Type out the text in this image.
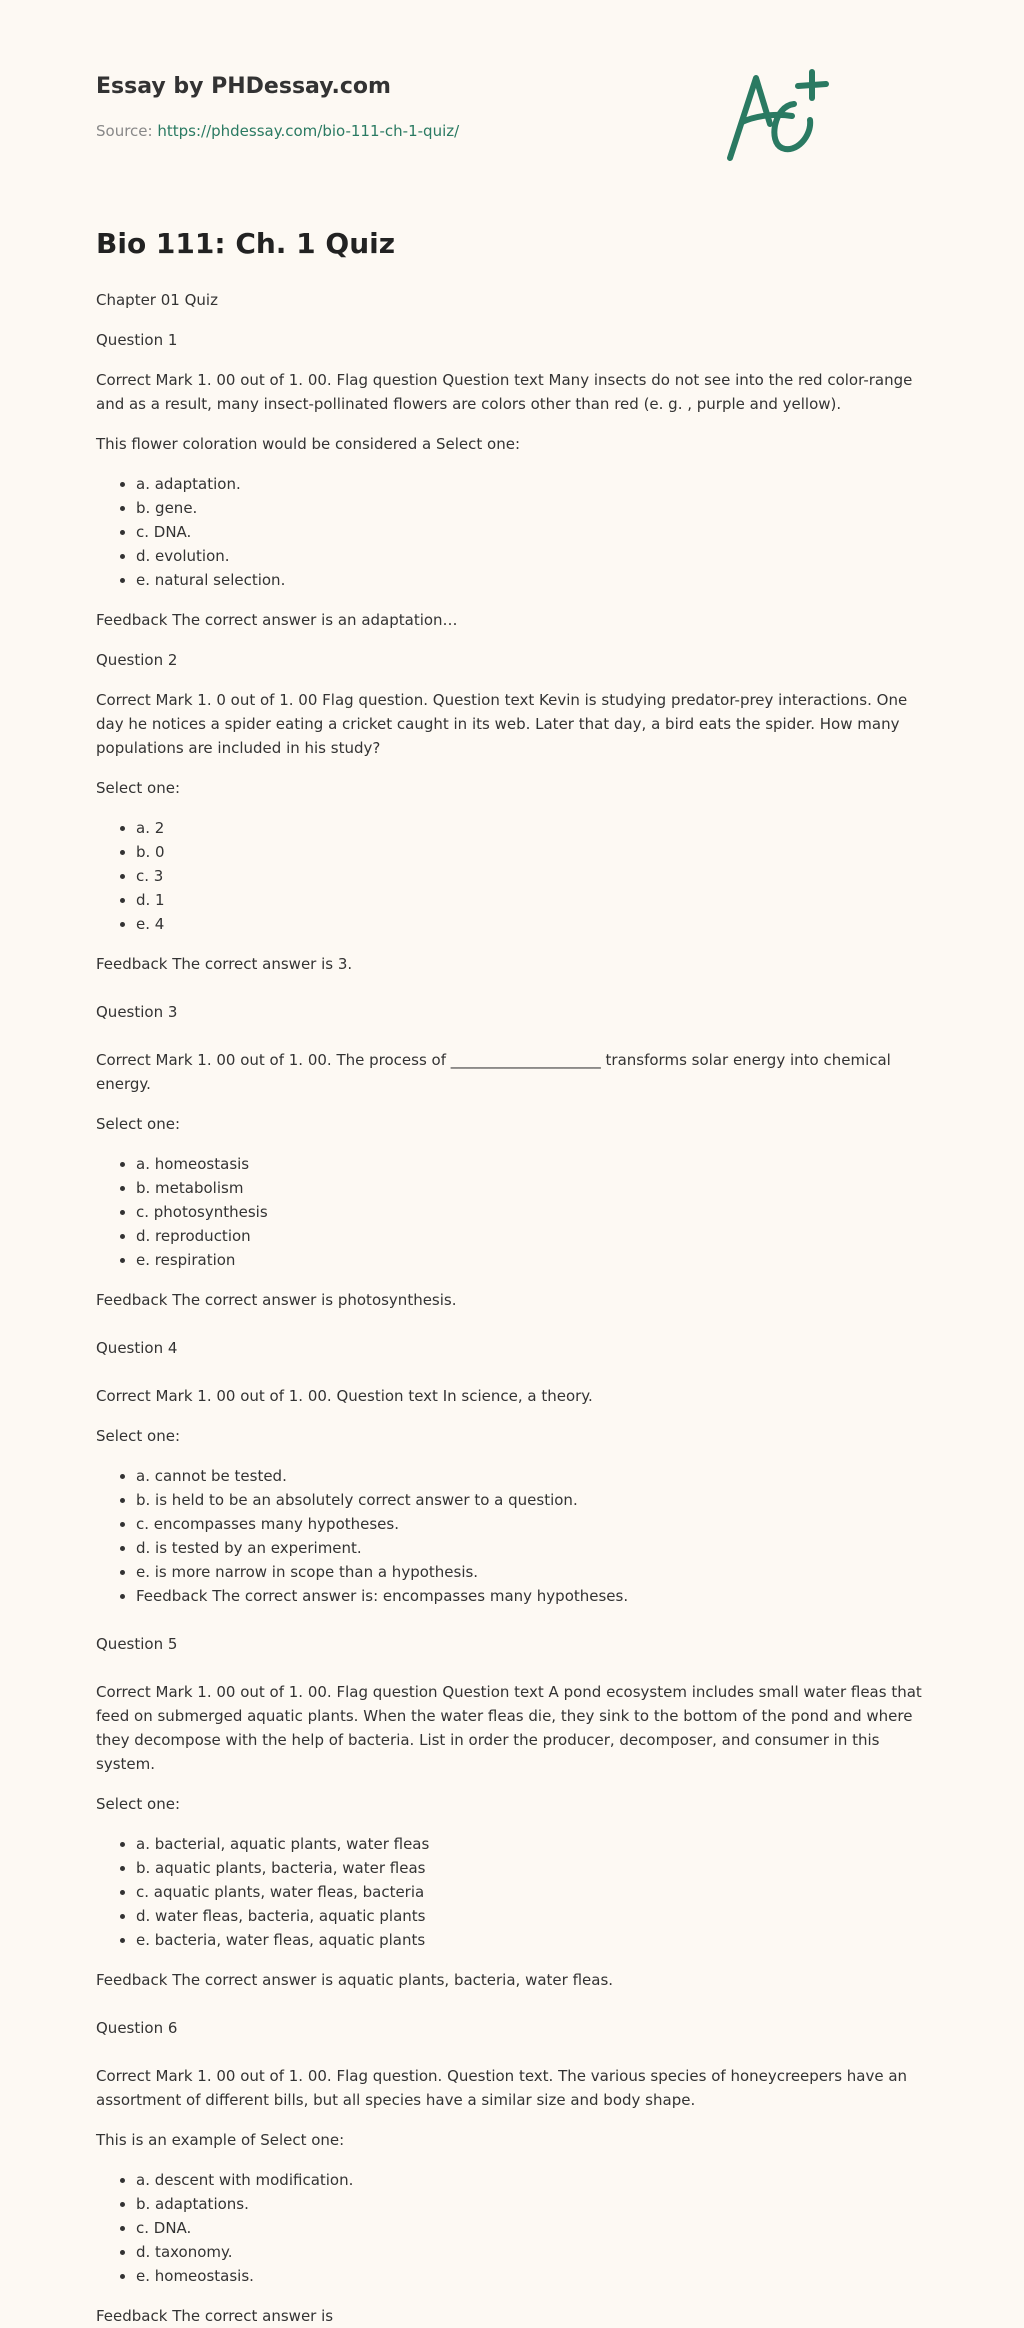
Essay by PHDessay.com
Source: https://phdessay.com/bio-111-ch-1-quiz/
Bio 111: Ch. 1 Quiz

Chapter 01 Quiz

Question 1

Correct Mark 1. 00 out of 1. 00. Flag question Question text Many insects do not see into the red color-range and as a result, many insect-pollinated flowers are colors other than red (e. g. , purple and yellow).

This flower coloration would be considered a Select one:

• a. adaptation.
• b. gene.
• c. DNA.
• d. evolution.
• e. natural selection.

Feedback The correct answer is an adaptation…

Question 2

Correct Mark 1. 0 out of 1. 00 Flag question. Question text Kevin is studying predator-prey interactions. One day he notices a spider eating a cricket caught in its web. Later that day, a bird eats the spider. How many populations are included in his study?

Select one:

• a. 2
• b. 0
• c. 3
• d. 1
• e. 4

Feedback The correct answer is 3.

Question 3

Correct Mark 1. 00 out of 1. 00. The process of ____________________ transforms solar energy into chemical energy.

Select one:

• a. homeostasis
• b. metabolism
• c. photosynthesis
• d. reproduction
• e. respiration

Feedback The correct answer is photosynthesis.

Question 4

Correct Mark 1. 00 out of 1. 00. Question text In science, a theory.

Select one:

• a. cannot be tested.
• b. is held to be an absolutely correct answer to a question.
• c. encompasses many hypotheses.
• d. is tested by an experiment.
• e. is more narrow in scope than a hypothesis.
• Feedback The correct answer is: encompasses many hypotheses.

Question 5

Correct Mark 1. 00 out of 1. 00. Flag question Question text A pond ecosystem includes small water fleas that feed on submerged aquatic plants. When the water fleas die, they sink to the bottom of the pond and where they decompose with the help of bacteria. List in order the producer, decomposer, and consumer in this system.

Select one:

• a. bacterial, aquatic plants, water fleas
• b. aquatic plants, bacteria, water fleas
• c. aquatic plants, water fleas, bacteria
• d. water fleas, bacteria, aquatic plants
• e. bacteria, water fleas, aquatic plants

Feedback The correct answer is aquatic plants, bacteria, water fleas.

Question 6

Correct Mark 1. 00 out of 1. 00. Flag question. Question text. The various species of honeycreepers have an assortment of different bills, but all species have a similar size and body shape.

This is an example of Select one:

• a. descent with modification.
• b. adaptations.
• c. DNA.
• d. taxonomy.
• e. homeostasis.

Feedback The correct answer is
